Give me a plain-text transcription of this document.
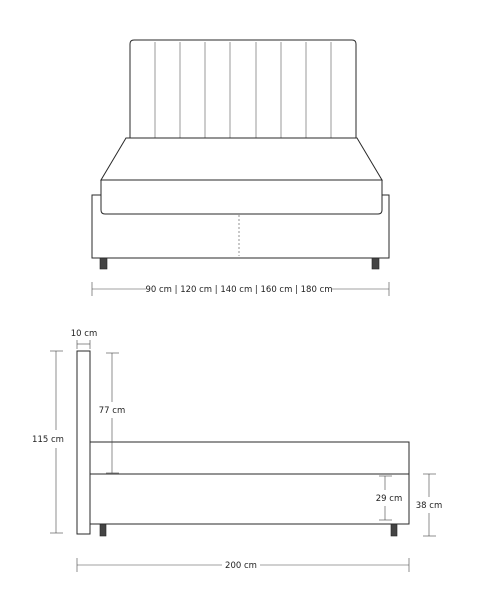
90 cm | 120 cm | 140 cm | 160 cm | 180 cm
10 cm
115 cm
77 cm
29 cm
38 cm
200 cm
